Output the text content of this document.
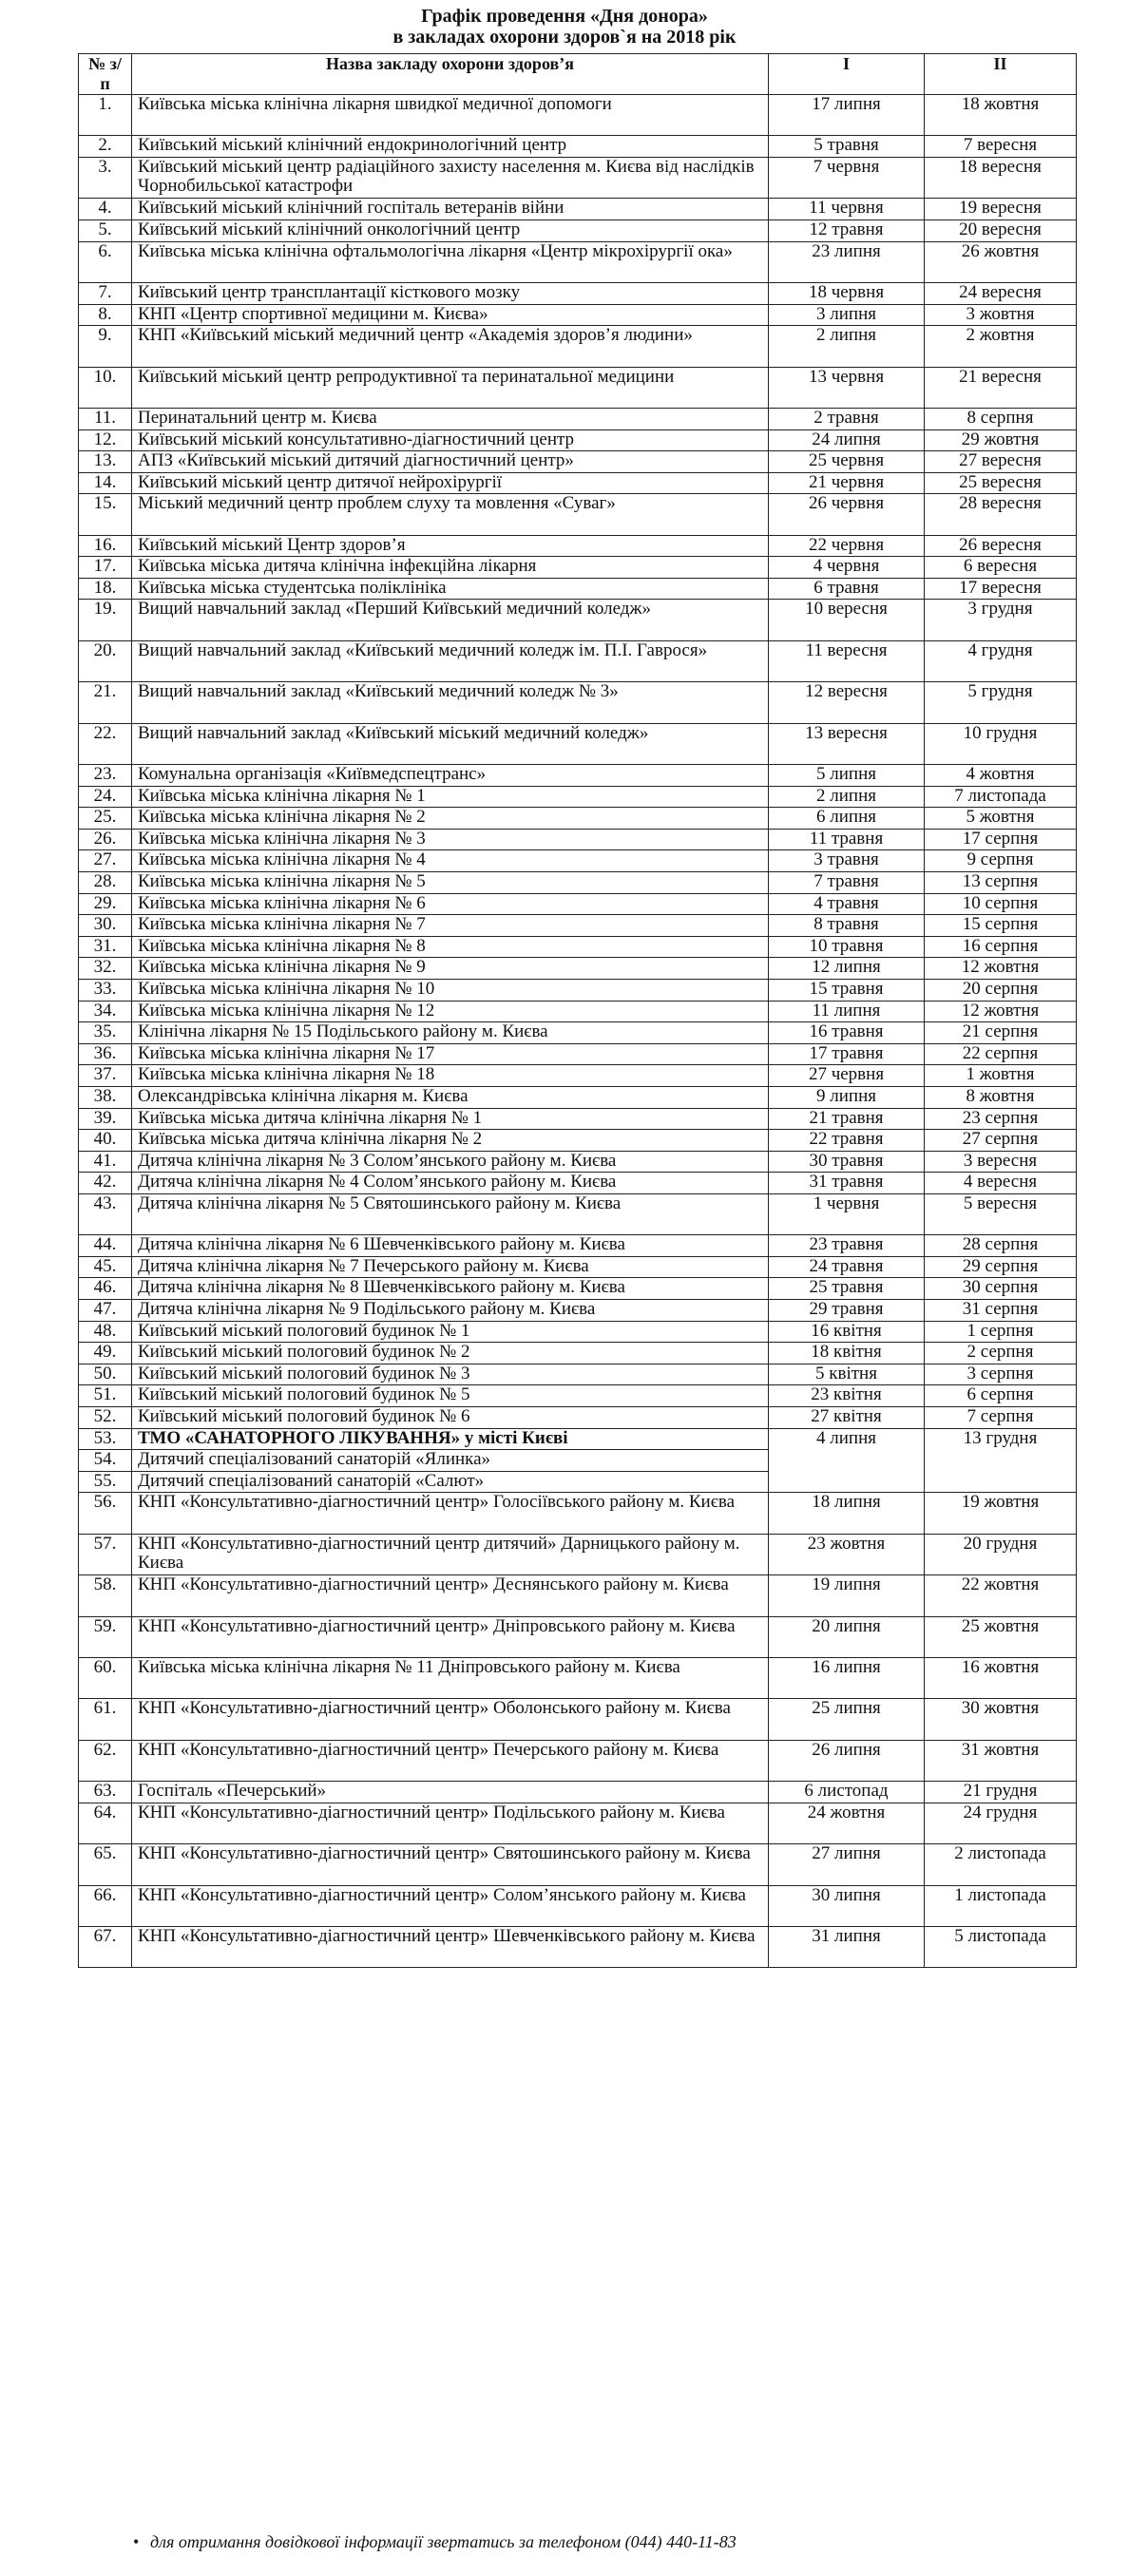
Графік проведення «Дня донора»
в закладах охорони здоров`я на 2018 рік
№ з/п	Назва закладу охорони здоров’я	I	II
1.	Київська міська клінічна лікарня швидкої медичної допомоги	17 липня	18 жовтня
2.	Київський міський клінічний ендокринологічний центр	5 травня	7 вересня
3.	Київський міський центр радіаційного захисту населення м. Києва від наслідків Чорнобильської катастрофи	7 червня	18 вересня
4.	Київський міський клінічний госпіталь ветеранів війни	11 червня	19 вересня
5.	Київський міський клінічний онкологічний центр	12 травня	20 вересня
6.	Київська міська клінічна офтальмологічна лікарня «Центр мікрохірургії ока»	23 липня	26 жовтня
7.	Київський центр трансплантації кісткового мозку	18 червня	24 вересня
8.	КНП «Центр спортивної медицини м. Києва»	3 липня	3 жовтня
9.	КНП «Київський міський медичний центр «Академія здоров’я людини»	2 липня	2 жовтня
10.	Київський міський центр репродуктивної та перинатальної медицини	13 червня	21 вересня
11.	Перинатальний центр м. Києва	2 травня	8 серпня
12.	Київський міський консультативно-діагностичний центр	24 липня	29 жовтня
13.	АПЗ «Київський міський дитячий діагностичний центр»	25 червня	27 вересня
14.	Київський міський центр дитячої нейрохірургії	21 червня	25 вересня
15.	Міський медичний центр проблем слуху та мовлення «Суваг»	26 червня	28 вересня
16.	Київський міський Центр здоров’я	22 червня	26 вересня
17.	Київська міська дитяча клінічна інфекційна лікарня	4 червня	6 вересня
18.	Київська міська студентська поліклініка	6 травня	17 вересня
19.	Вищий навчальний заклад «Перший Київський медичний коледж»	10 вересня	3 грудня
20.	Вищий навчальний заклад «Київський медичний коледж ім. П.І. Гаврося»	11 вересня	4 грудня
21.	Вищий навчальний заклад «Київський медичний коледж № 3»	12 вересня	5 грудня
22.	Вищий навчальний заклад «Київський міський медичний коледж»	13 вересня	10 грудня
23.	Комунальна організація «Київмедспецтранс»	5 липня	4 жовтня
24.	Київська міська клінічна лікарня № 1	2 липня	7 листопада
25.	Київська міська клінічна лікарня № 2	6 липня	5 жовтня
26.	Київська міська клінічна лікарня № 3	11 травня	17 серпня
27.	Київська міська клінічна лікарня № 4	3 травня	9 серпня
28.	Київська міська клінічна лікарня № 5	7 травня	13 серпня
29.	Київська міська клінічна лікарня № 6	4 травня	10 серпня
30.	Київська міська клінічна лікарня № 7	8 травня	15 серпня
31.	Київська міська клінічна лікарня № 8	10 травня	16 серпня
32.	Київська міська клінічна лікарня № 9	12 липня	12 жовтня
33.	Київська міська клінічна лікарня № 10	15 травня	20 серпня
34.	Київська міська клінічна лікарня № 12	11 липня	12 жовтня
35.	Клінічна лікарня № 15 Подільського району м. Києва	16 травня	21 серпня
36.	Київська міська клінічна лікарня № 17	17 травня	22 серпня
37.	Київська міська клінічна лікарня № 18	27 червня	1 жовтня
38.	Олександрівська клінічна лікарня м. Києва	9 липня	8 жовтня
39.	Київська міська дитяча клінічна лікарня № 1	21 травня	23 серпня
40.	Київська міська дитяча клінічна лікарня № 2	22 травня	27 серпня
41.	Дитяча клінічна лікарня № 3 Солом’янського району м. Києва	30 травня	3 вересня
42.	Дитяча клінічна лікарня № 4 Солом’янського району м. Києва	31 травня	4 вересня
43.	Дитяча клінічна лікарня № 5 Святошинського району м. Києва	1 червня	5 вересня
44.	Дитяча клінічна лікарня № 6 Шевченківського району м. Києва	23 травня	28 серпня
45.	Дитяча клінічна лікарня № 7 Печерського району м. Києва	24 травня	29 серпня
46.	Дитяча клінічна лікарня № 8 Шевченківського району м. Києва	25 травня	30 серпня
47.	Дитяча клінічна лікарня № 9 Подільського району м. Києва	29 травня	31 серпня
48.	Київський міський пологовий будинок № 1	16 квітня	1 серпня
49.	Київський міський пологовий будинок № 2	18 квітня	2 серпня
50.	Київський міський пологовий будинок № 3	5 квітня	3 серпня
51.	Київський міський пологовий будинок № 5	23 квітня	6 серпня
52.	Київський міський пологовий будинок № 6	27 квітня	7 серпня
53.	ТМО «САНАТОРНОГО ЛІКУВАННЯ» у місті Києві	4 липня	13 грудня
54.	Дитячий спеціалізований санаторій «Ялинка»		
55.	Дитячий спеціалізований санаторій «Салют»		
56.	КНП «Консультативно-діагностичний центр» Голосіївського району м. Києва	18 липня	19 жовтня
57.	КНП «Консультативно-діагностичний центр дитячий» Дарницького району м. Києва	23 жовтня	20 грудня
58.	КНП «Консультативно-діагностичний центр» Деснянського району м. Києва	19 липня	22 жовтня
59.	КНП «Консультативно-діагностичний центр» Дніпровського району м. Києва	20 липня	25 жовтня
60.	Київська міська клінічна лікарня № 11 Дніпровського району м. Києва	16 липня	16 жовтня
61.	КНП «Консультативно-діагностичний центр» Оболонського району м. Києва	25 липня	30 жовтня
62.	КНП «Консультативно-діагностичний центр» Печерського району м. Києва	26 липня	31 жовтня
63.	Госпіталь «Печерський»	6 листопад	21 грудня
64.	КНП «Консультативно-діагностичний центр» Подільського району м. Києва	24 жовтня	24 грудня
65.	КНП «Консультативно-діагностичний центр» Святошинського району м. Києва	27 липня	2 листопада
66.	КНП «Консультативно-діагностичний центр» Солом’янського району м. Києва	30 липня	1 листопада
67.	КНП «Консультативно-діагностичний центр» Шевченківського району м. Києва	31 липня	5 листопада
• для отримання довідкової інформації звертатись за телефоном (044) 440-11-83
